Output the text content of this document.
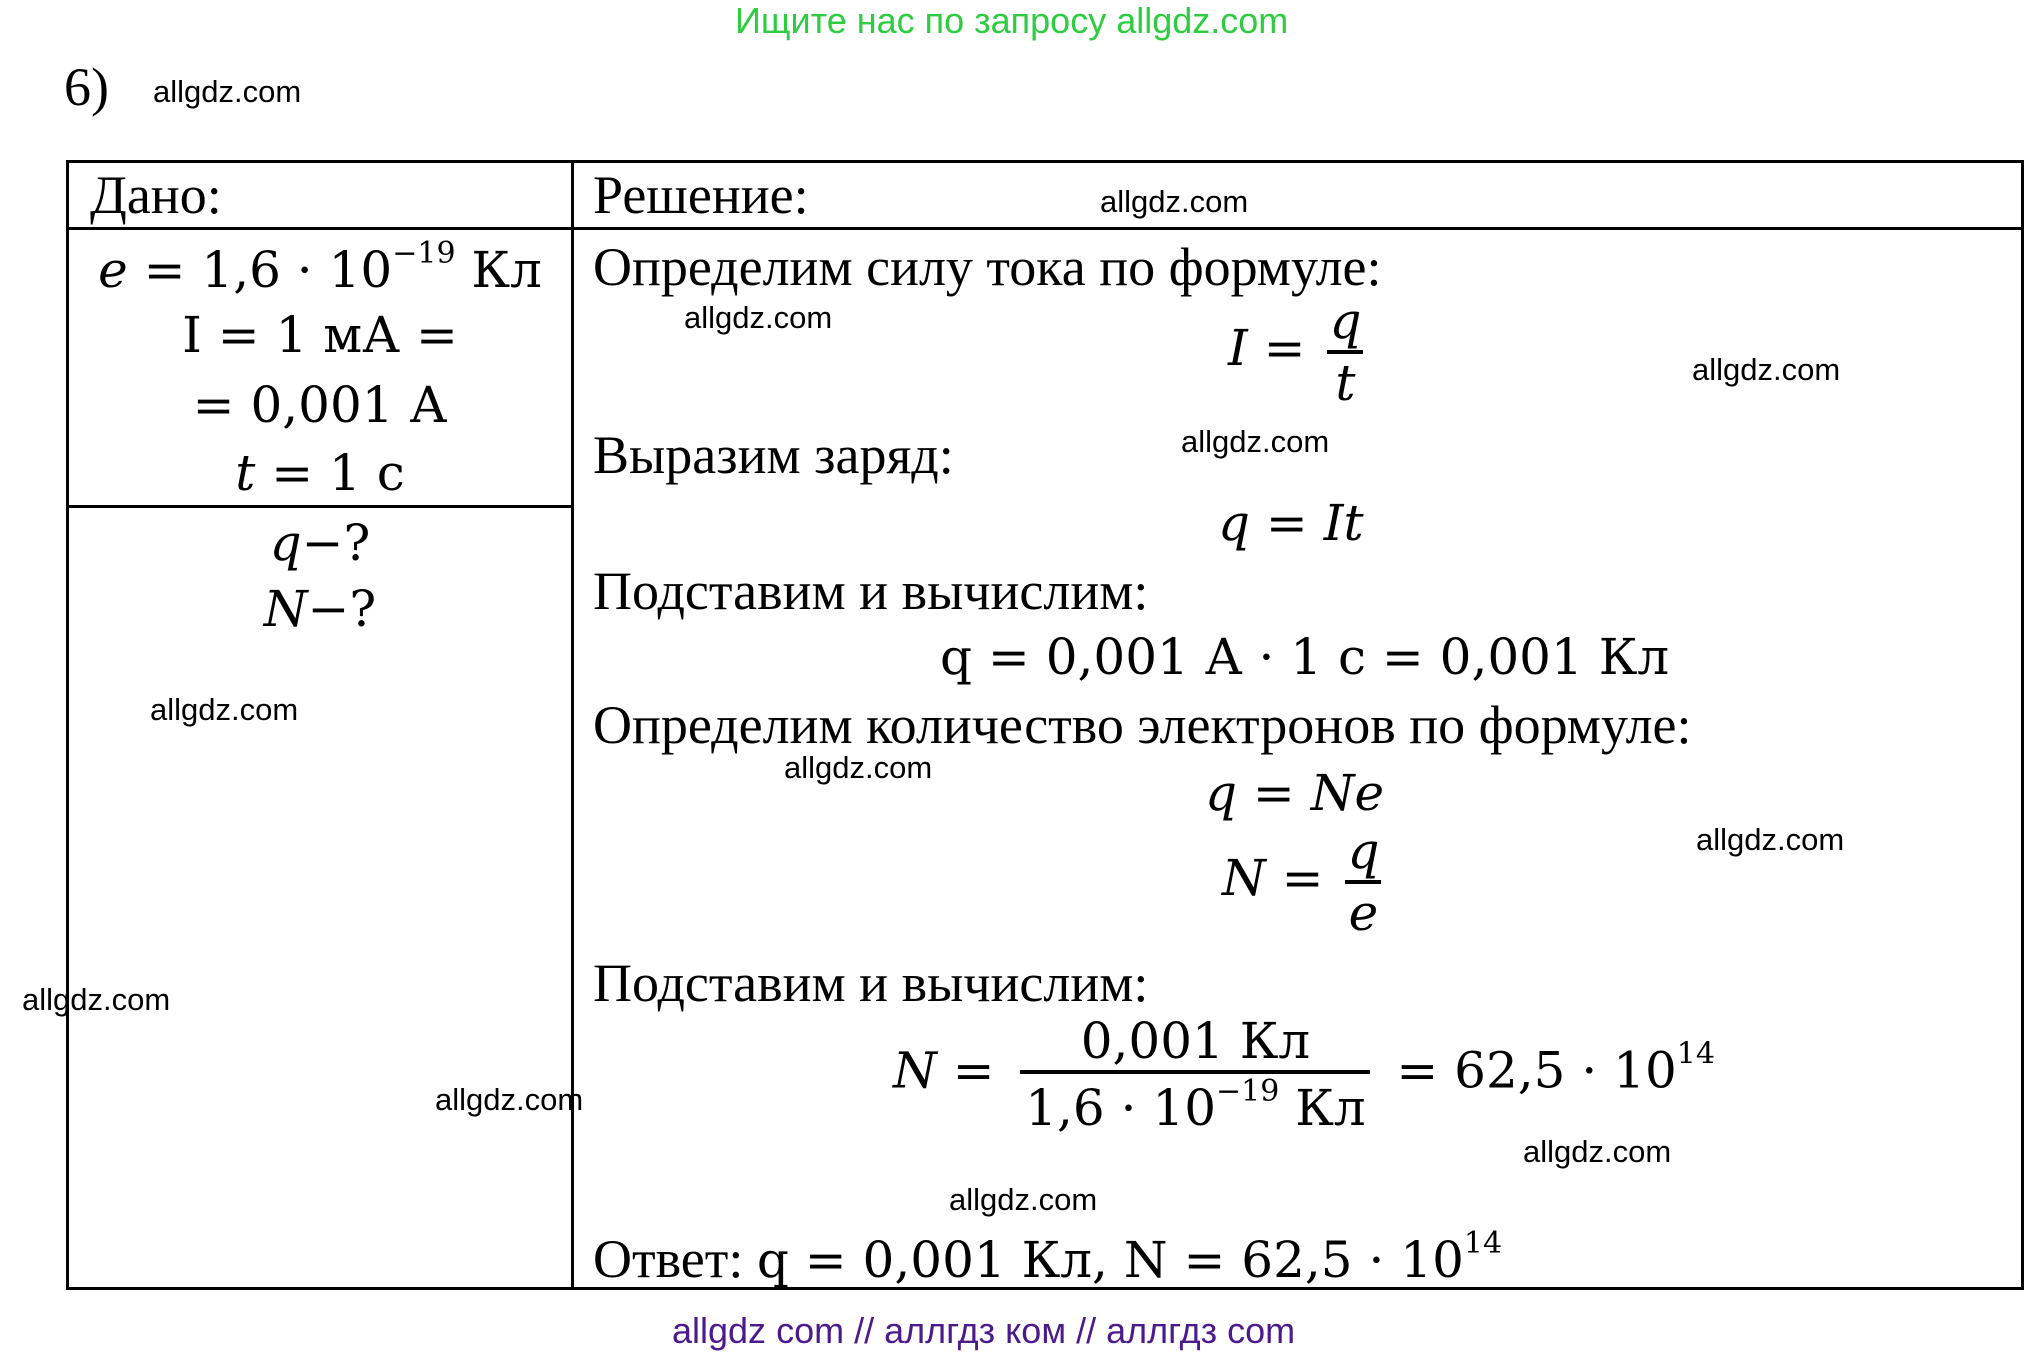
Ищите нас по запросу allgdz.com
6) allgdz.com
Дано:	Решение:	allgdz.com
$e = 1,6 \cdot 10^{-19}$ Кл
I = 1 мА =
= 0,001 А
t = 1 с
q−?
N−?
Определим силу тока по формуле:
allgdz.com
$I = \frac{q}{t}$	allgdz.com
Выразим заряд:	allgdz.com
q = It
Подставим и вычислим:
q = 0,001 А · 1 c = 0,001 Кл
Определим количество электронов по формуле:
allgdz.com	q = Ne
allgdz.com
$N = \frac{q}{e}$
Подставим и вычислим:
$N = \frac{0,001 Кл}{1,6 \cdot 10^{-19} Кл} = 62,5 \cdot 10^{14}$
allgdz.com
allgdz.com
Ответ: q = 0,001 Кл, $N = 62,5 \cdot 10^{14}$
allgdz.com
allgdz.com
allgdz.com
allgdz com // аллгдз ком // аллгдз com
